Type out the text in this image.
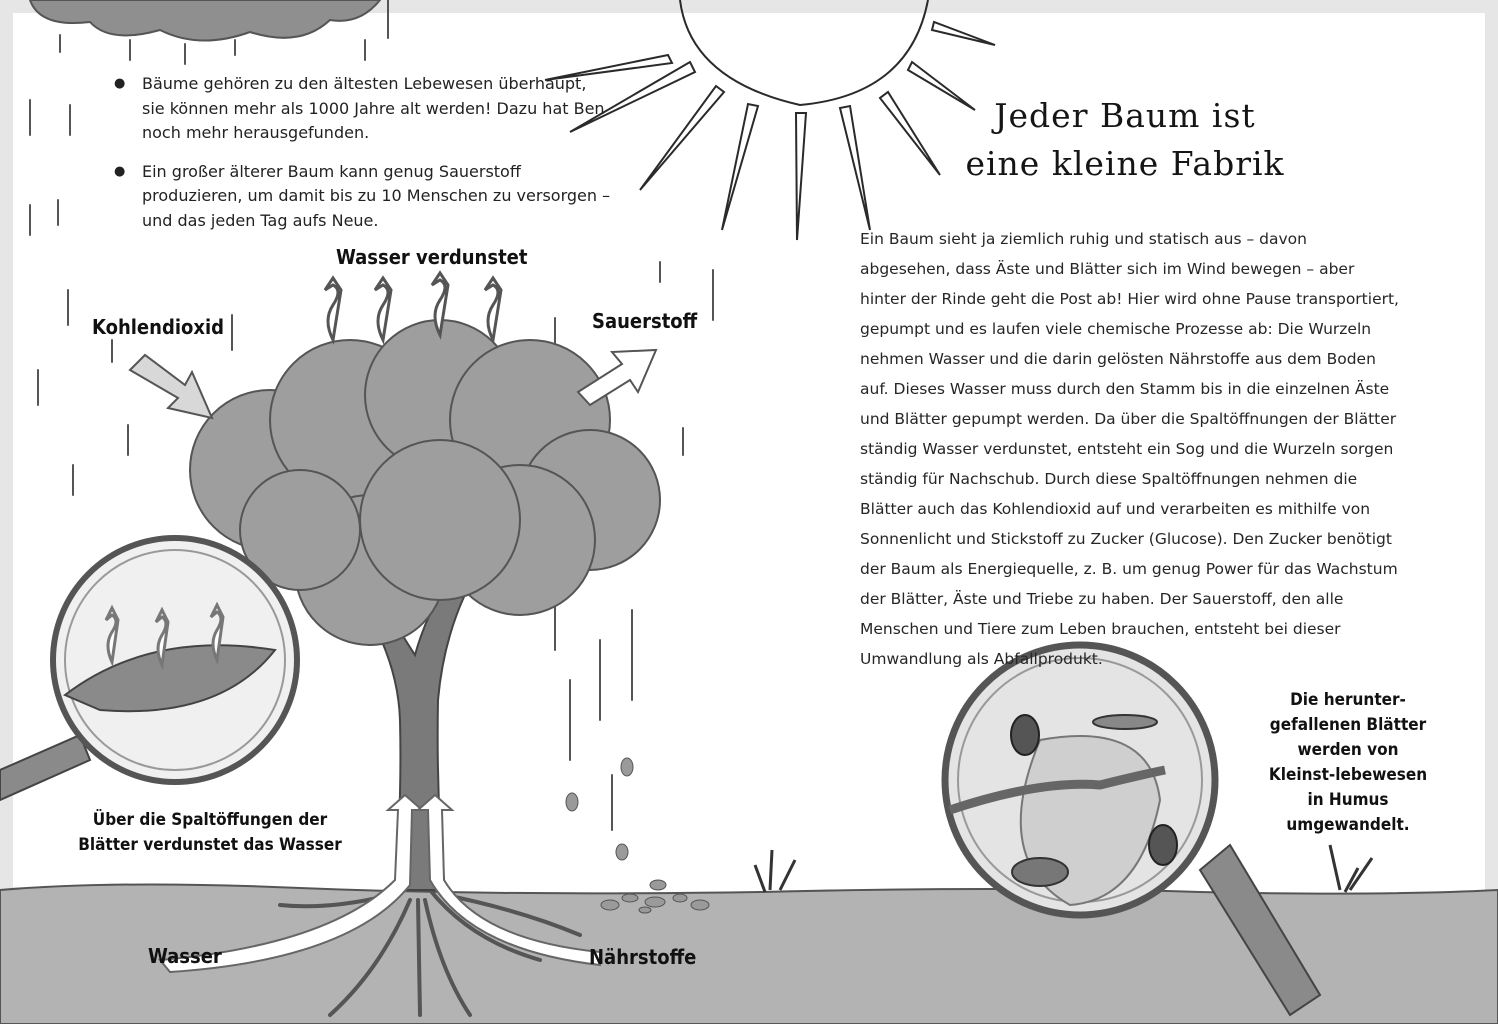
● Bäume gehören zu den ältesten Lebewesen überhaupt, sie können mehr als 1000 Jahre alt werden! Dazu hat Ben noch mehr herausgefunden.
● Ein großer älterer Baum kann genug Sauerstoff produzieren, um damit bis zu 10 Menschen zu versorgen – und das jeden Tag aufs Neue.
Wasser verdunstet
Kohlendioxid	Sauerstoff
Wasser	Nährstoffe
Über die Spaltöffungen der Blätter verdunstet das Wasser
Die herunter-gefallenen Blätter werden von Kleinst-lebewesen in Humus umgewandelt.
Jeder Baum ist
eine kleine Fabrik
Ein Baum sieht ja ziemlich ruhig und statisch aus – davon abgesehen, dass Äste und Blätter sich im Wind bewegen – aber hinter der Rinde geht die Post ab! Hier wird ohne Pause transportiert, gepumpt und es laufen viele chemische Prozesse ab: Die Wurzeln nehmen Wasser und die darin gelösten Nährstoffe aus dem Boden auf. Dieses Wasser muss durch den Stamm bis in die einzelnen Äste und Blätter gepumpt werden. Da über die Spaltöffnungen der Blätter ständig Wasser verdunstet, entsteht ein Sog und die Wurzeln sorgen ständig für Nachschub. Durch diese Spaltöffnungen nehmen die Blätter auch das Kohlendioxid auf und verarbeiten es mithilfe von Sonnenlicht und Stickstoff zu Zucker (Glucose). Den Zucker benötigt der Baum als Energiequelle, z. B. um genug Power für das Wachstum der Blätter, Äste und Triebe zu haben. Der Sauerstoff, den alle Menschen und Tiere zum Leben brauchen, entsteht bei dieser Umwandlung als Abfallprodukt.
